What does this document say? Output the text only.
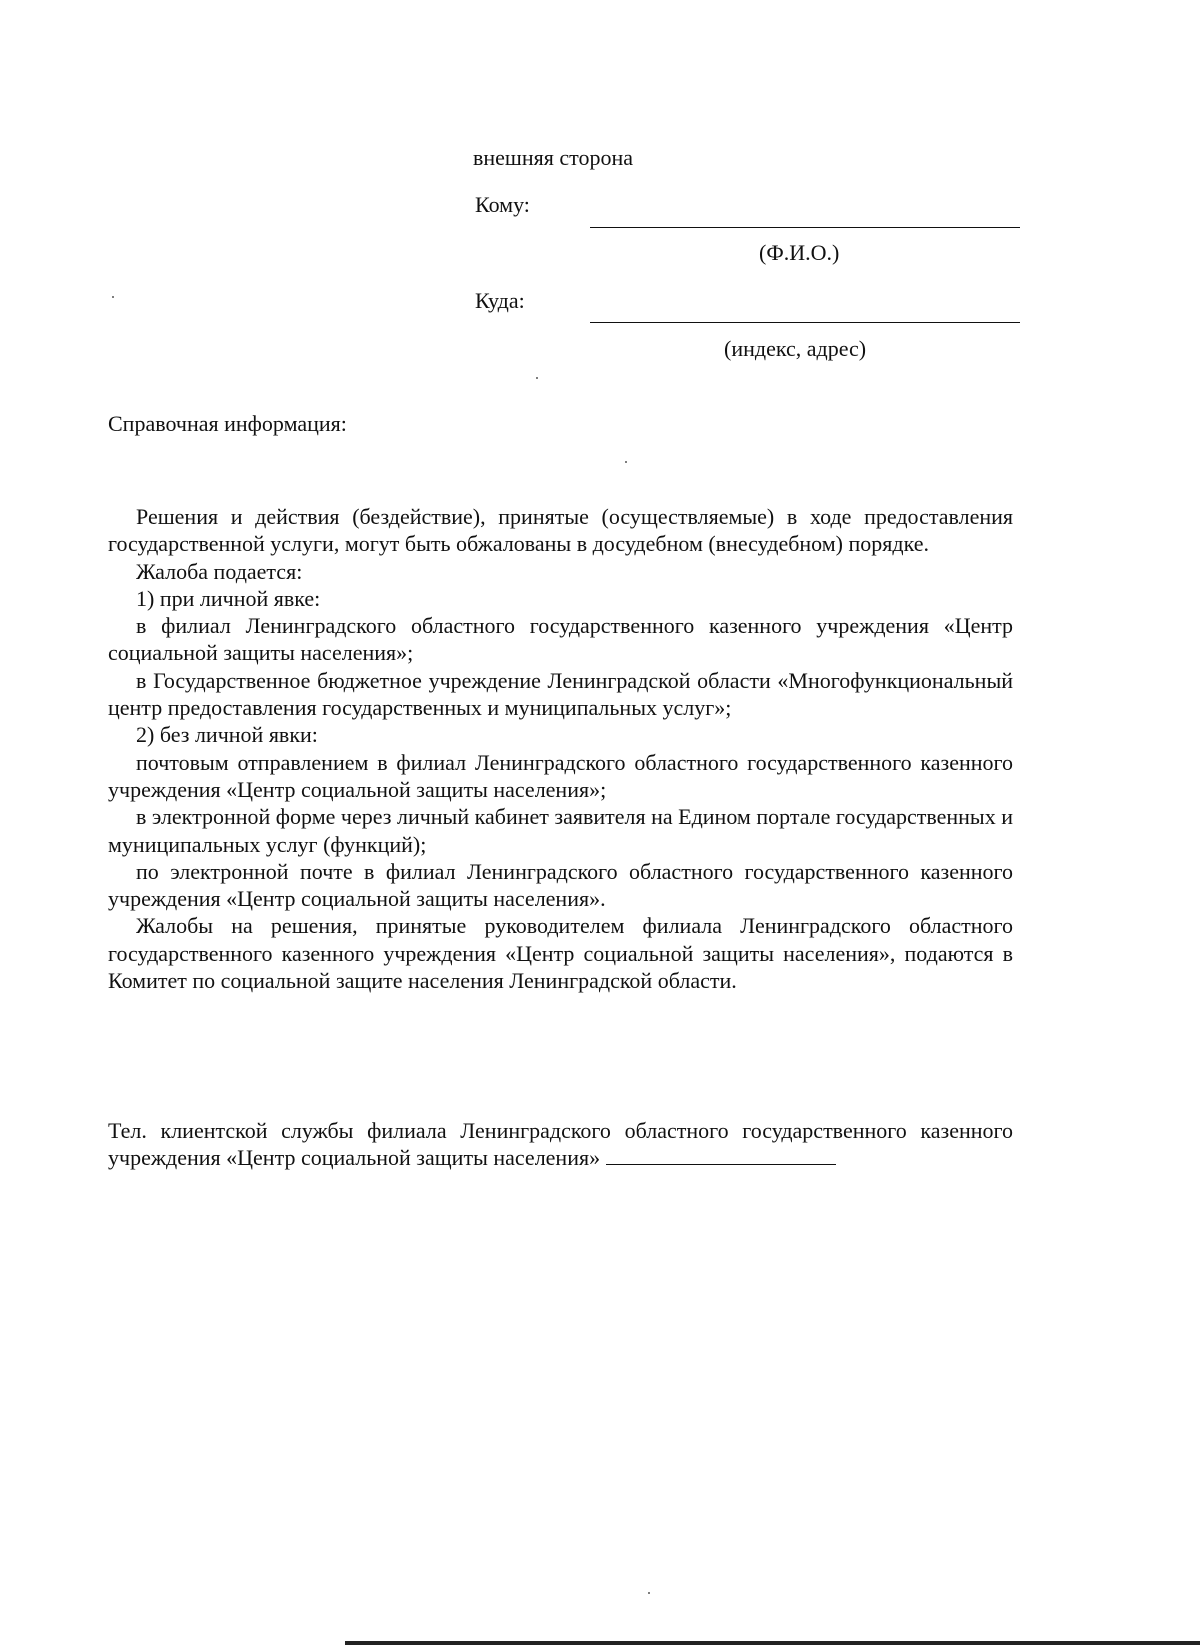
внешняя сторона
Кому:
(Ф.И.О.)
Куда:
(индекс, адрес)
Справочная информация:

Решения и действия (бездействие), принятые (осуществляемые) в ходе предоставления государственной услуги, могут быть обжалованы в досудебном (внесудебном) порядке.

Жалоба подается:

1) при личной явке:

в филиал Ленинградского областного государственного казенного учреждения «Центр социальной защиты населения»;

в Государственное бюджетное учреждение Ленинградской области «Многофункциональный центр предоставления государственных и муниципальных услуг»;

2) без личной явки:

почтовым отправлением в филиал Ленинградского областного государственного казенного учреждения «Центр социальной защиты населения»;

в электронной форме через личный кабинет заявителя на Едином портале государственных и муниципальных услуг (функций);

по электронной почте в филиал Ленинградского областного государственного казенного учреждения «Центр социальной защиты населения».

Жалобы на решения, принятые руководителем филиала Ленинградского областного государственного казенного учреждения «Центр социальной защиты населения», подаются в Комитет по социальной защите населения Ленинградской области.

Тел. клиентской службы филиала Ленинградского областного государственного казенного учреждения «Центр социальной защиты населения»
